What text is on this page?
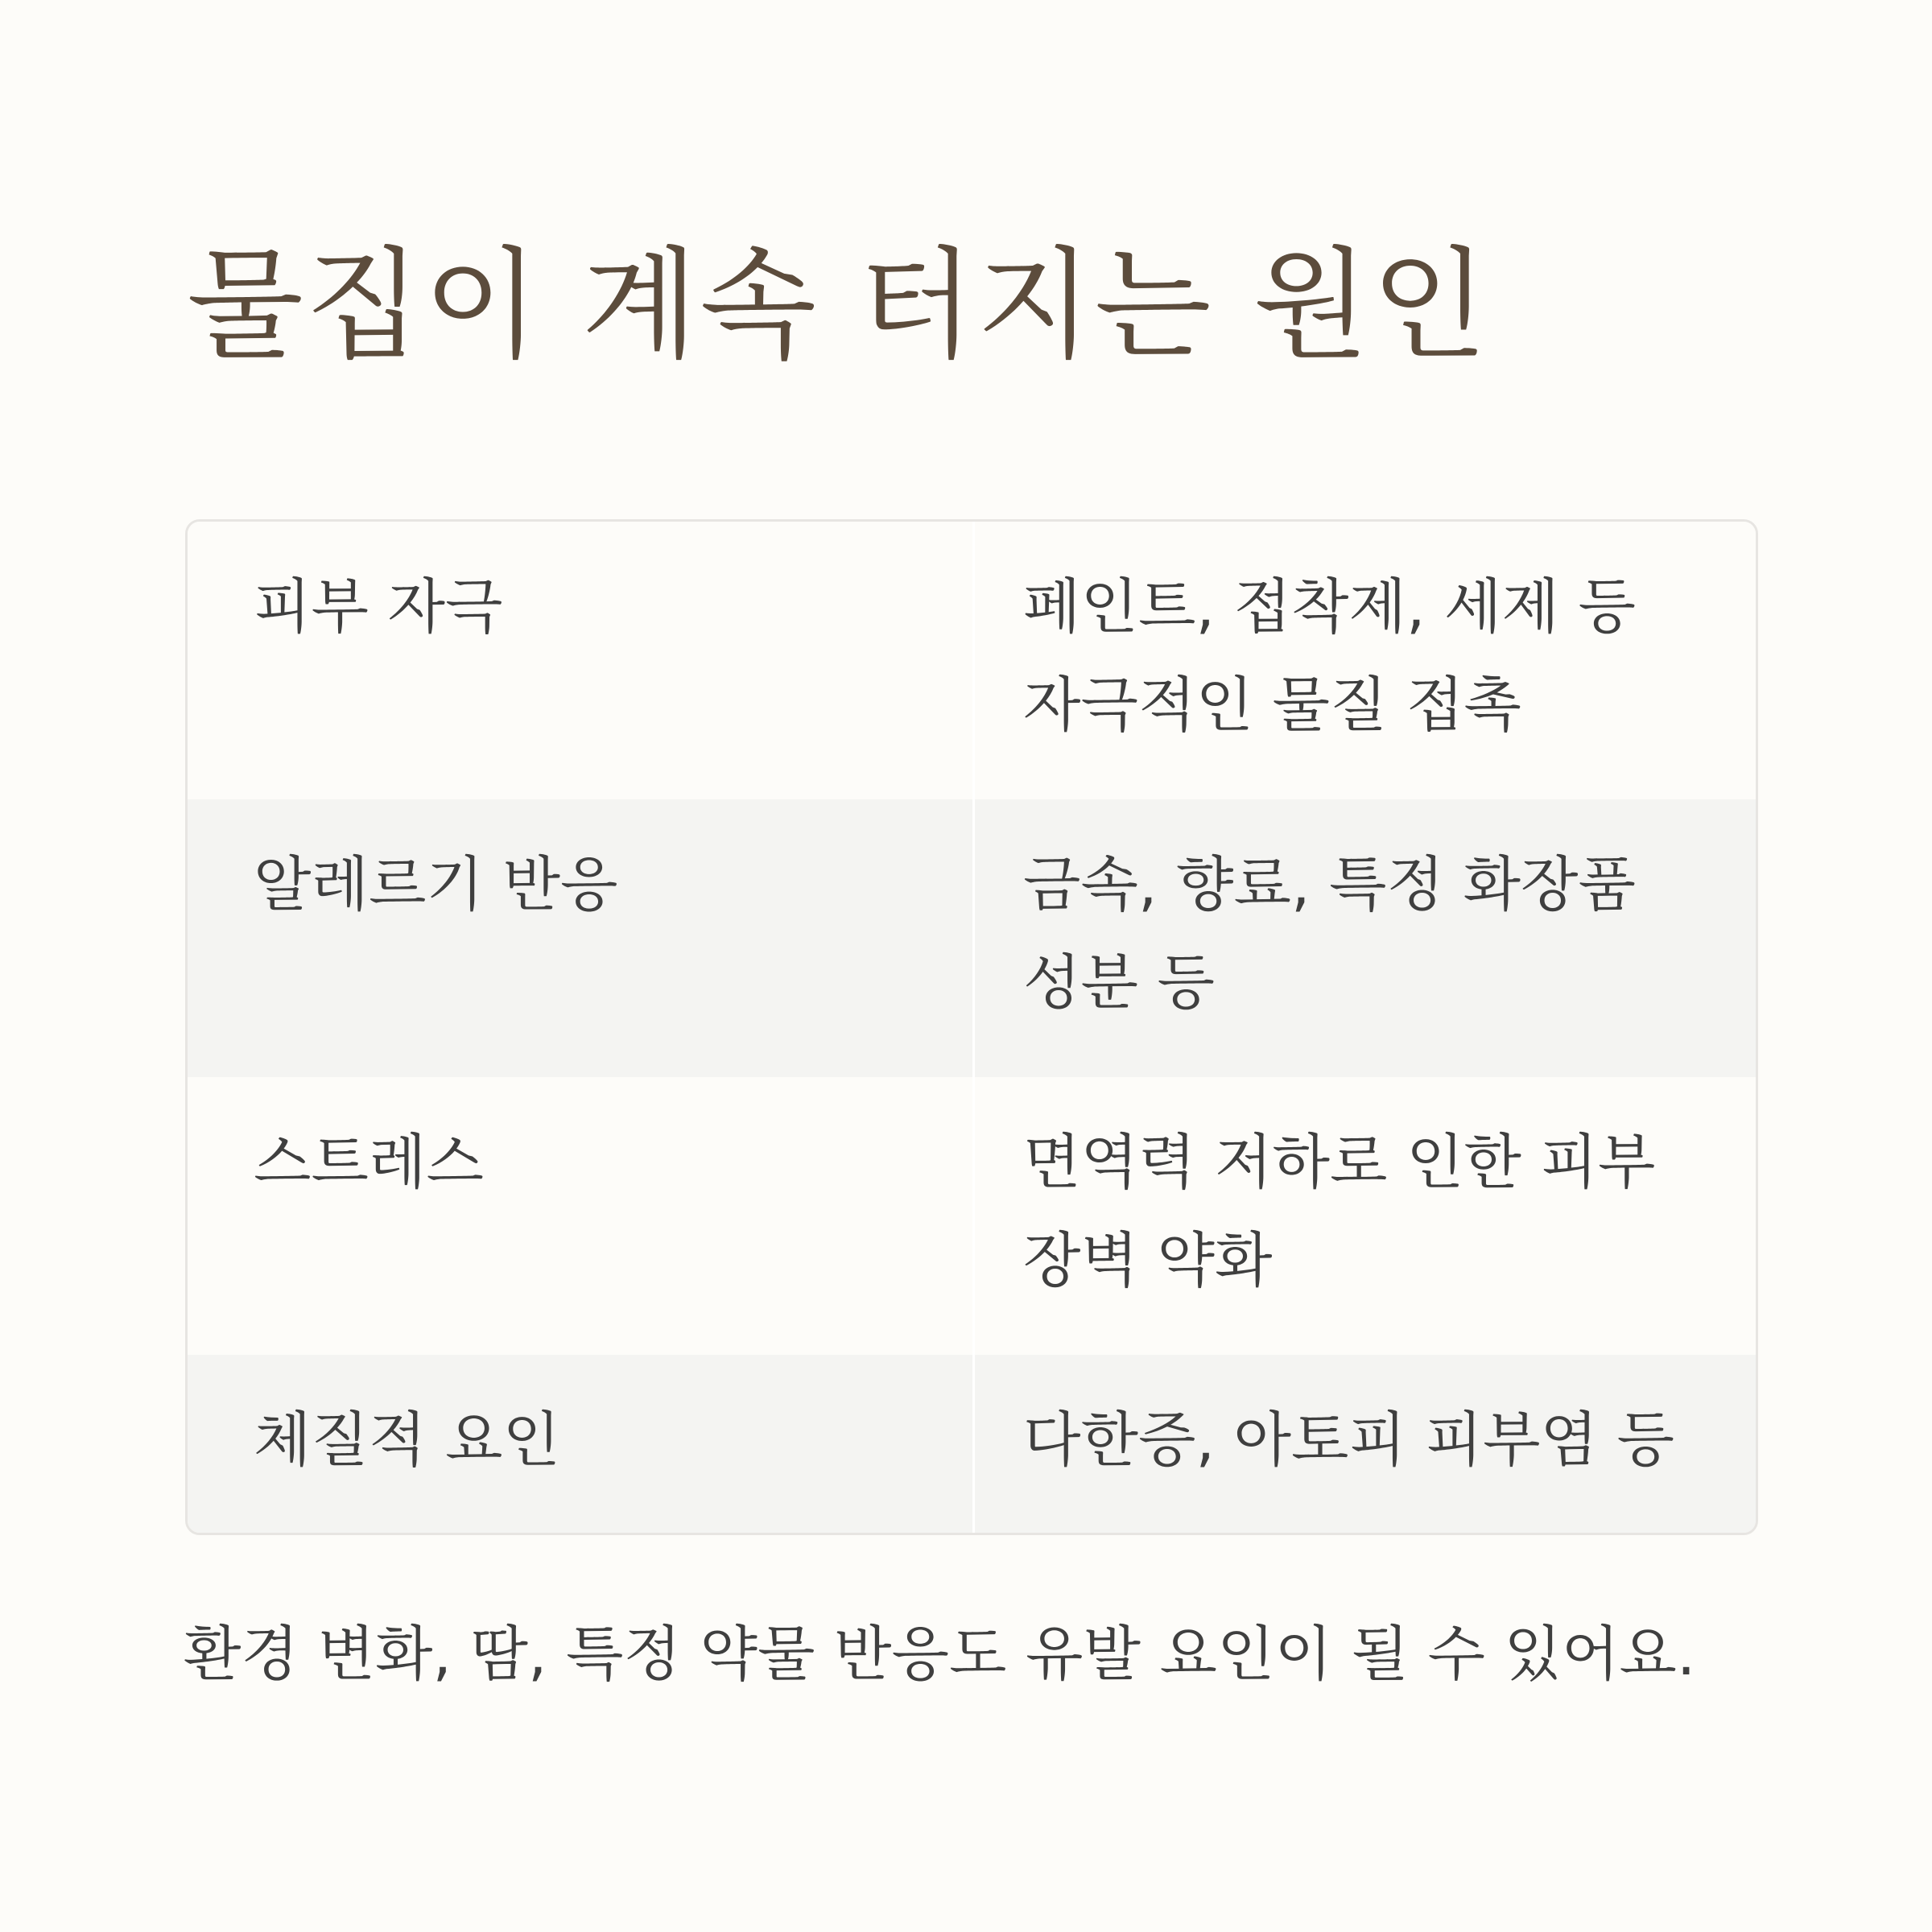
물집이 계속 터지는 원인
피부 자극	페인트, 접착제, 세제 등 자극적인 물질 접촉
알레르기 반응	금속, 향료, 특정 화장품 성분 등
스트레스	면역력 저하로 인한 피부 장벽 약화
체질적 요인	다한증, 아토피 피부염 등

환경 변화, 땀, 특정 약물 반응도 유발 요인이 될 수 있어요.
